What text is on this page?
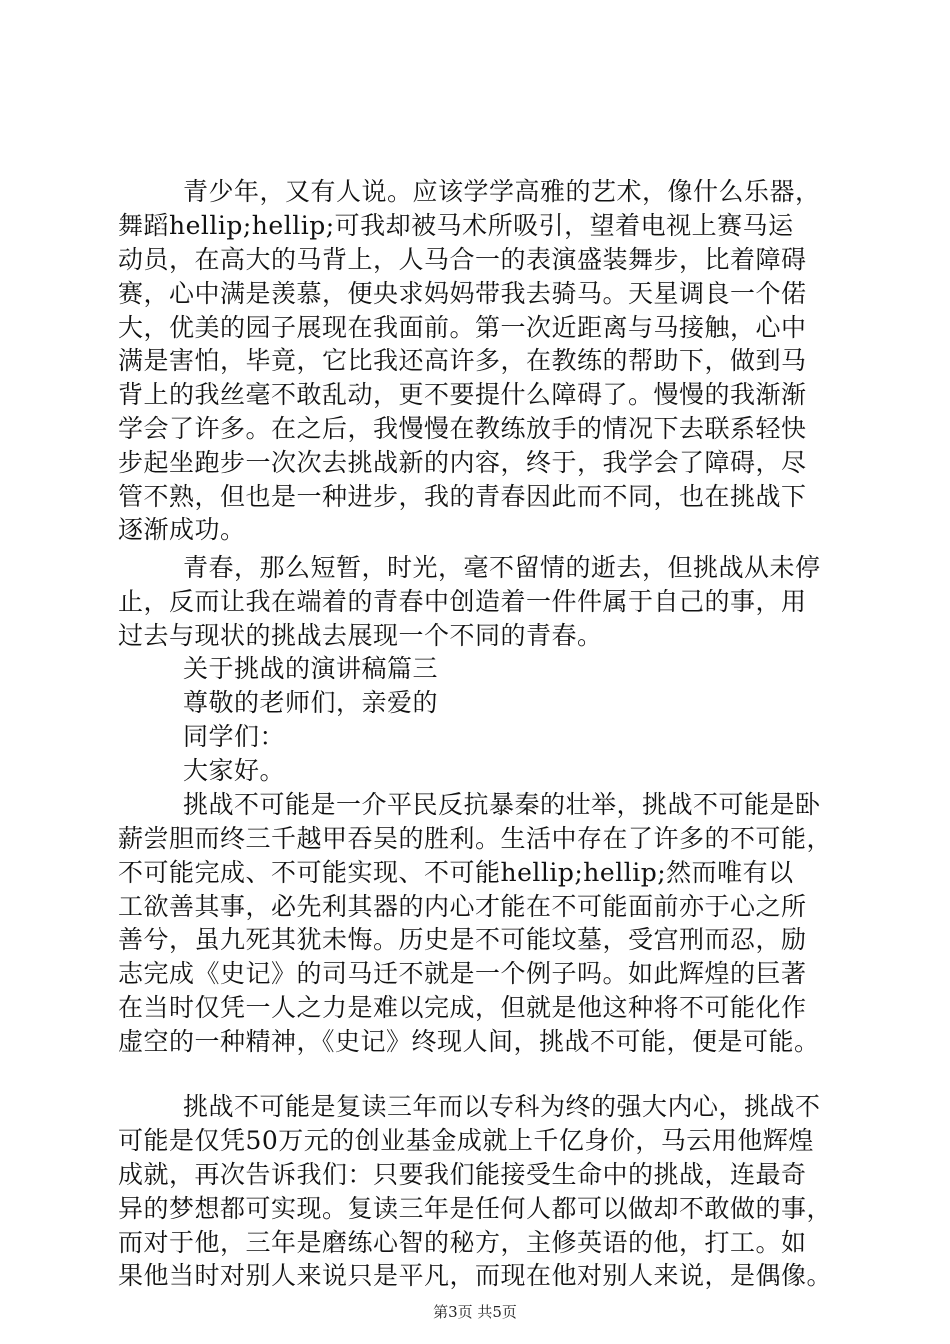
青少年，又有人说。应该学学高雅的艺术，像什么乐器，
舞蹈hellip;hellip;可我却被马术所吸引，望着电视上赛马运
动员，在高大的马背上，人马合一的表演盛装舞步，比着障碍
赛，心中满是羡慕，便央求妈妈带我去骑马。天星调良一个偌
大，优美的园子展现在我面前。第一次近距离与马接触，心中
满是害怕，毕竟，它比我还高许多，在教练的帮助下，做到马
背上的我丝毫不敢乱动，更不要提什么障碍了。慢慢的我渐渐
学会了许多。在之后，我慢慢在教练放手的情况下去联系轻快
步起坐跑步一次次去挑战新的内容，终于，我学会了障碍，尽
管不熟，但也是一种进步，我的青春因此而不同，也在挑战下
逐渐成功。
青春，那么短暂，时光，毫不留情的逝去，但挑战从未停
止，反而让我在端着的青春中创造着一件件属于自己的事，用
过去与现状的挑战去展现一个不同的青春。
关于挑战的演讲稿篇三
尊敬的老师们，亲爱的
同学们：
大家好。
挑战不可能是一介平民反抗暴秦的壮举，挑战不可能是卧
薪尝胆而终三千越甲吞吴的胜利。生活中存在了许多的不可能，
不可能完成、不可能实现、不可能hellip;hellip;然而唯有以
工欲善其事，必先利其器的内心才能在不可能面前亦于心之所
善兮，虽九死其犹未悔。历史是不可能坟墓，受宫刑而忍，励
志完成《史记》的司马迁不就是一个例子吗。如此辉煌的巨著
在当时仅凭一人之力是难以完成，但就是他这种将不可能化作
虚空的一种精神，《史记》终现人间，挑战不可能，便是可能。
挑战不可能是复读三年而以专科为终的强大内心，挑战不
可能是仅凭50万元的创业基金成就上千亿身价，马云用他辉煌
成就，再次告诉我们：只要我们能接受生命中的挑战，连最奇
异的梦想都可实现。复读三年是任何人都可以做却不敢做的事，
而对于他，三年是磨练心智的秘方，主修英语的他，打工。如
果他当时对别人来说只是平凡，而现在他对别人来说，是偶像。
第3页 共5页
